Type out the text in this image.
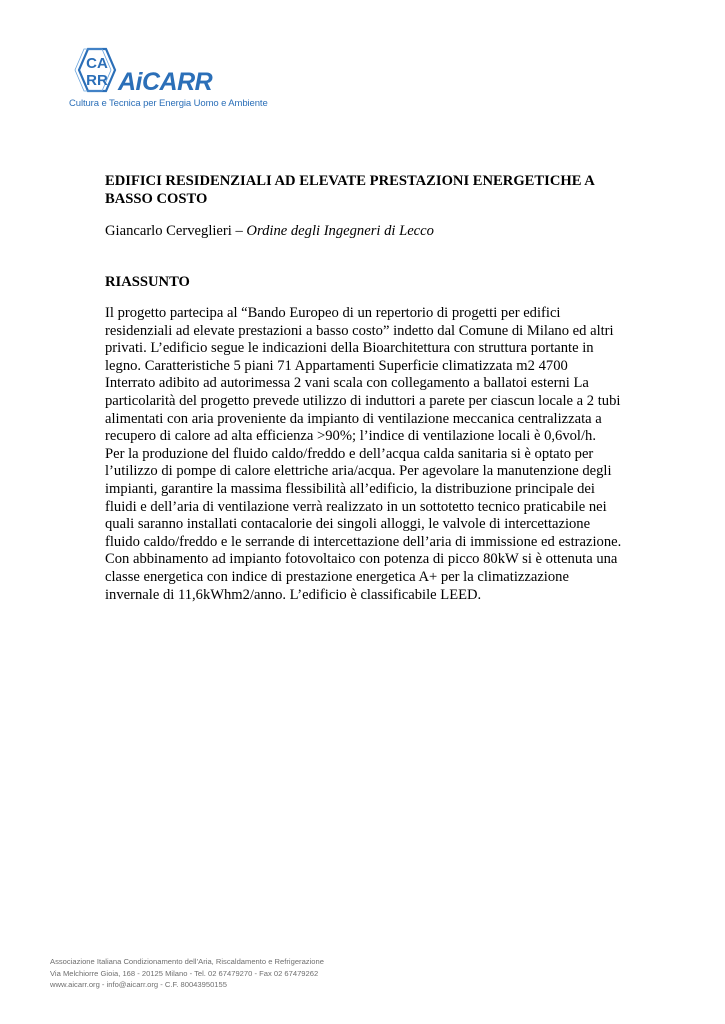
CA
RR AiCARR
Cultura e Tecnica per Energia Uomo e Ambiente
EDIFICI RESIDENZIALI AD ELEVATE PRESTAZIONI ENERGETICHE A
BASSO COSTO

Giancarlo Cerveglieri – Ordine degli Ingegneri di Lecco

RIASSUNTO

Il progetto partecipa al “Bando Europeo di un repertorio di progetti per edifici
residenziali ad elevate prestazioni a basso costo” indetto dal Comune di Milano ed altri
privati. L’edificio segue le indicazioni della Bioarchitettura con struttura portante in
legno. Caratteristiche 5 piani 71 Appartamenti Superficie climatizzata m2 4700
Interrato adibito ad autorimessa 2 vani scala con collegamento a ballatoi esterni La
particolarità del progetto prevede utilizzo di induttori a parete per ciascun locale a 2 tubi
alimentati con aria proveniente da impianto di ventilazione meccanica centralizzata a
recupero di calore ad alta efficienza >90%; l’indice di ventilazione locali è 0,6vol/h.
Per la produzione del fluido caldo/freddo e dell’acqua calda sanitaria si è optato per
l’utilizzo di pompe di calore elettriche aria/acqua. Per agevolare la manutenzione degli
impianti, garantire la massima flessibilità all’edificio, la distribuzione principale dei
fluidi e dell’aria di ventilazione verrà realizzato in un sottotetto tecnico praticabile nei
quali saranno installati contacalorie dei singoli alloggi, le valvole di intercettazione
fluido caldo/freddo e le serrande di intercettazione dell’aria di immissione ed estrazione.
Con abbinamento ad impianto fotovoltaico con potenza di picco 80kW si è ottenuta una
classe energetica con indice di prestazione energetica A+ per la climatizzazione
invernale di 11,6kWhm2/anno. L’edificio è classificabile LEED.

Associazione Italiana Condizionamento dell’Aria, Riscaldamento e Refrigerazione
Via Melchiorre Gioia, 168 - 20125 Milano - Tel. 02 67479270 - Fax 02 67479262
www.aicarr.org - info@aicarr.org - C.F. 80043950155
